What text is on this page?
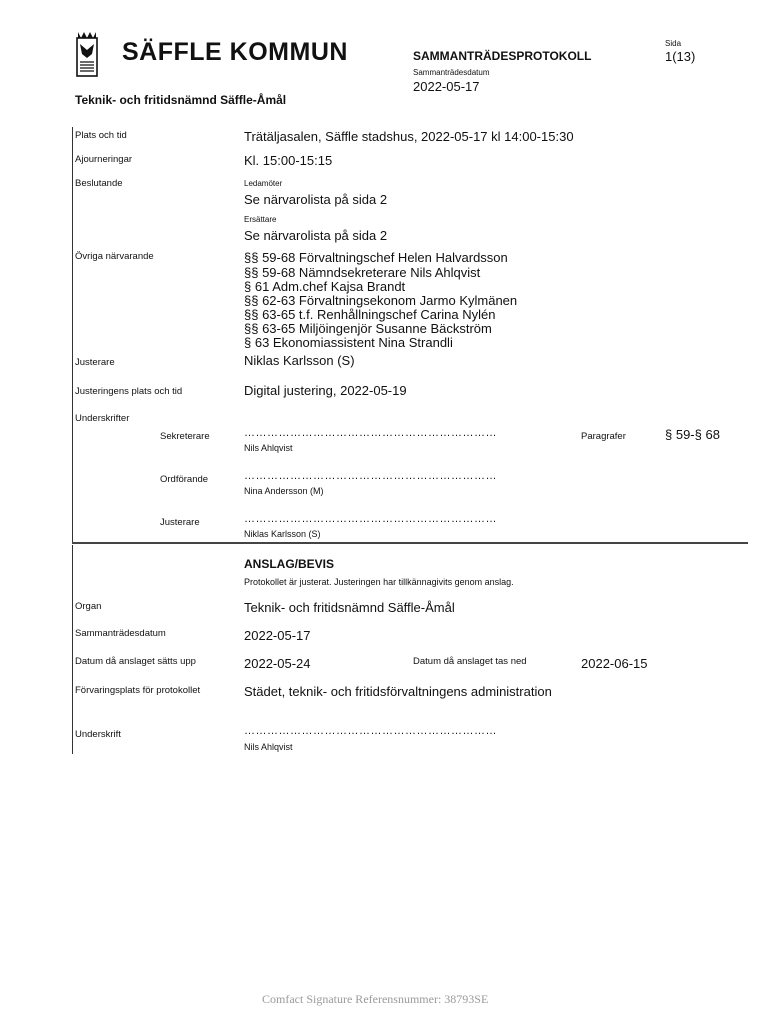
SÄFFLE KOMMUN	SAMMANTRÄDESPROTOKOLL
Sammanträdesdatum
2022-05-17
Sida
1(13)
Teknik- och fritidsnämnd Säffle-Åmål
Plats och tid	Trätäljasalen, Säffle stadshus, 2022-05-17 kl 14:00-15:30
Ajourneringar	Kl. 15:00-15:15
Beslutande	Ledamöter
Se närvarolista på sida 2
Ersättare
Se närvarolista på sida 2
Övriga närvarande	§§ 59-68 Förvaltningschef Helen Halvardsson
§§ 59-68 Nämndsekreterare Nils Ahlqvist
§ 61 Adm.chef Kajsa Brandt
§§ 62-63 Förvaltningsekonom Jarmo Kylmänen
§§ 63-65 t.f. Renhållningschef Carina Nylén
§§ 63-65 Miljöingenjör Susanne Bäckström
§ 63 Ekonomiassistent Nina Strandli
Justerare	Niklas Karlsson (S)
Justeringens plats och tid	Digital justering, 2022-05-19
Underskrifter
Sekreterare	…………………………………………………………
Nils Ahlqvist
Paragrafer	§ 59-§ 68
Ordförande	…………………………………………………………
Nina Andersson (M)
Justerare	…………………………………………………………
Niklas Karlsson (S)
ANSLAG/BEVIS
Protokollet är justerat. Justeringen har tillkännagivits genom anslag.
Organ	Teknik- och fritidsnämnd Säffle-Åmål
Sammanträdesdatum	2022-05-17
Datum då anslaget sätts upp	2022-05-24	Datum då anslaget tas ned	2022-06-15
Förvaringsplats för protokollet	Städet, teknik- och fritidsförvaltningens administration
Underskrift	…………………………………………………………
Nils Ahlqvist
Comfact Signature Referensnummer: 38793SE
